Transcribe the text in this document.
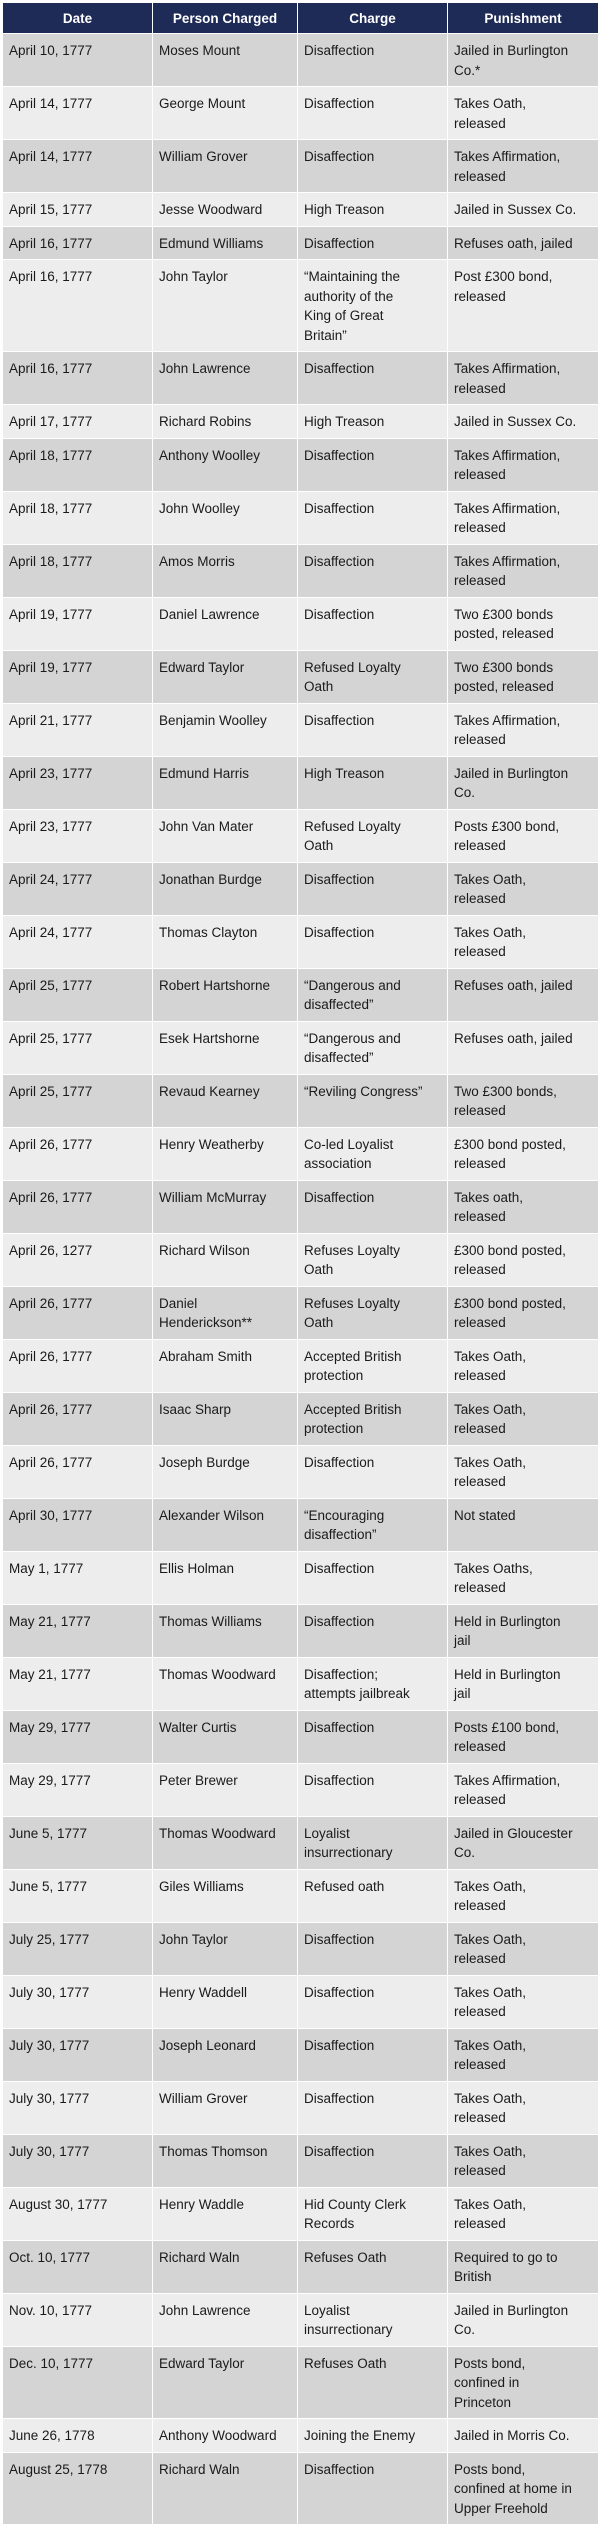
Date	Person Charged	Charge	Punishment
April 10, 1777	Moses Mount	Disaffection	Jailed in Burlington
Co.*
April 14, 1777	George Mount	Disaffection	Takes Oath,
released
April 14, 1777	William Grover	Disaffection	Takes Affirmation,
released
April 15, 1777	Jesse Woodward	High Treason	Jailed in Sussex Co.
April 16, 1777	Edmund Williams	Disaffection	Refuses oath, jailed
April 16, 1777	John Taylor	“Maintaining the
authority of the
King of Great
Britain”	Post £300 bond,
released
April 16, 1777	John Lawrence	Disaffection	Takes Affirmation,
released
April 17, 1777	Richard Robins	High Treason	Jailed in Sussex Co.
April 18, 1777	Anthony Woolley	Disaffection	Takes Affirmation,
released
April 18, 1777	John Woolley	Disaffection	Takes Affirmation,
released
April 18, 1777	Amos Morris	Disaffection	Takes Affirmation,
released
April 19, 1777	Daniel Lawrence	Disaffection	Two £300 bonds
posted, released
April 19, 1777	Edward Taylor	Refused Loyalty
Oath	Two £300 bonds
posted, released
April 21, 1777	Benjamin Woolley	Disaffection	Takes Affirmation,
released
April 23, 1777	Edmund Harris	High Treason	Jailed in Burlington
Co.
April 23, 1777	John Van Mater	Refused Loyalty
Oath	Posts £300 bond,
released
April 24, 1777	Jonathan Burdge	Disaffection	Takes Oath,
released
April 24, 1777	Thomas Clayton	Disaffection	Takes Oath,
released
April 25, 1777	Robert Hartshorne	“Dangerous and
disaffected”	Refuses oath, jailed
April 25, 1777	Esek Hartshorne	“Dangerous and
disaffected”	Refuses oath, jailed
April 25, 1777	Revaud Kearney	“Reviling Congress”	Two £300 bonds,
released
April 26, 1777	Henry Weatherby	Co-led Loyalist
association	£300 bond posted,
released
April 26, 1777	William McMurray	Disaffection	Takes oath,
released
April 26, 1277	Richard Wilson	Refuses Loyalty
Oath	£300 bond posted,
released
April 26, 1777	Daniel
Henderickson**	Refuses Loyalty
Oath	£300 bond posted,
released
April 26, 1777	Abraham Smith	Accepted British
protection	Takes Oath,
released
April 26, 1777	Isaac Sharp	Accepted British
protection	Takes Oath,
released
April 26, 1777	Joseph Burdge	Disaffection	Takes Oath,
released
April 30, 1777	Alexander Wilson	“Encouraging
disaffection”	Not stated
May 1, 1777	Ellis Holman	Disaffection	Takes Oaths,
released
May 21, 1777	Thomas Williams	Disaffection	Held in Burlington
jail
May 21, 1777	Thomas Woodward	Disaffection;
attempts jailbreak	Held in Burlington
jail
May 29, 1777	Walter Curtis	Disaffection	Posts £100 bond,
released
May 29, 1777	Peter Brewer	Disaffection	Takes Affirmation,
released
June 5, 1777	Thomas Woodward	Loyalist
insurrectionary	Jailed in Gloucester
Co.
June 5, 1777	Giles Williams	Refused oath	Takes Oath,
released
July 25, 1777	John Taylor	Disaffection	Takes Oath,
released
July 30, 1777	Henry Waddell	Disaffection	Takes Oath,
released
July 30, 1777	Joseph Leonard	Disaffection	Takes Oath,
released
July 30, 1777	William Grover	Disaffection	Takes Oath,
released
July 30, 1777	Thomas Thomson	Disaffection	Takes Oath,
released
August 30, 1777	Henry Waddle	Hid County Clerk
Records	Takes Oath,
released
Oct. 10, 1777	Richard Waln	Refuses Oath	Required to go to
British
Nov. 10, 1777	John Lawrence	Loyalist
insurrectionary	Jailed in Burlington
Co.
Dec. 10, 1777	Edward Taylor	Refuses Oath	Posts bond,
confined in
Princeton
June 26, 1778	Anthony Woodward	Joining the Enemy	Jailed in Morris Co.
August 25, 1778	Richard Waln	Disaffection	Posts bond,
confined at home in
Upper Freehold
